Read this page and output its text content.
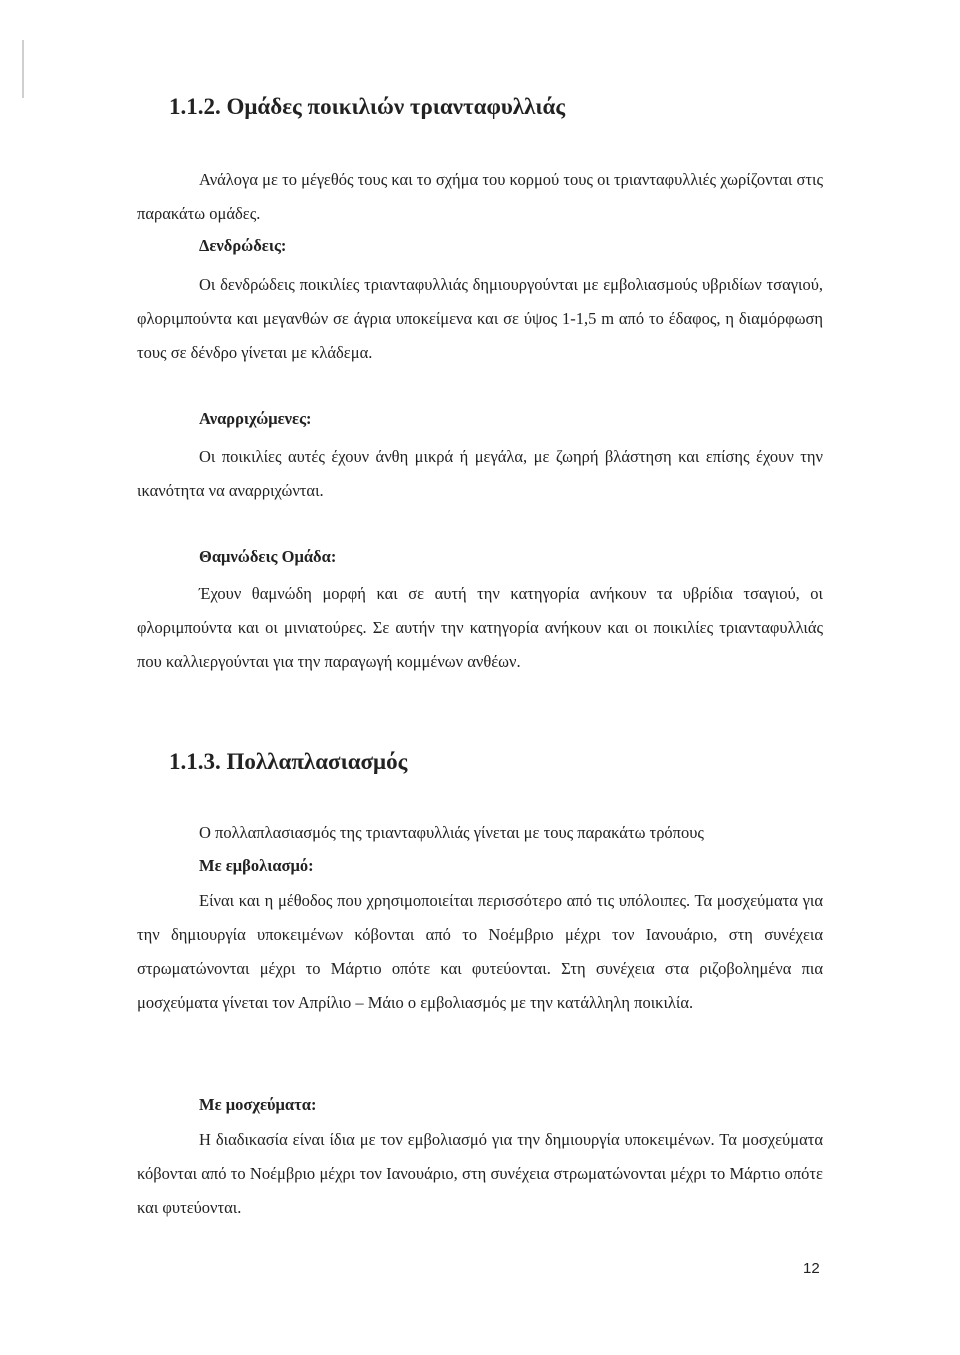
1.1.2. Ομάδες ποικιλιών τριανταφυλλιάς

Ανάλογα με το μέγεθός τους και το σχήμα του κορμού τους οι τριανταφυλλιές χωρίζονται στις παρακάτω ομάδες.

Δενδρώδεις:

Οι δενδρώδεις ποικιλίες τριανταφυλλιάς δημιουργούνται με εμβολιασμούς υβριδίων τσαγιού, φλοριμπούντα και μεγανθών σε άγρια υποκείμενα και σε ύψος 1-1,5 m από το έδαφος, η διαμόρφωση τους σε δένδρο γίνεται με κλάδεμα.

Αναρριχώμενες:

Οι ποικιλίες αυτές έχουν άνθη μικρά ή μεγάλα, με ζωηρή βλάστηση και επίσης έχουν την ικανότητα να αναρριχώνται.

Θαμνώδεις Ομάδα:

Έχουν θαμνώδη μορφή και σε αυτή την κατηγορία ανήκουν τα υβρίδια τσαγιού, οι φλοριμπούντα και οι μινιατούρες. Σε αυτήν την κατηγορία ανήκουν και οι ποικιλίες τριανταφυλλιάς που καλλιεργούνται για την παραγωγή κομμένων ανθέων.

1.1.3. Πολλαπλασιασμός

Ο πολλαπλασιασμός της τριανταφυλλιάς γίνεται με τους παρακάτω τρόπους

Με εμβολιασμό:

Είναι και η μέθοδος που χρησιμοποιείται περισσότερο από τις υπόλοιπες. Τα μοσχεύματα για την δημιουργία υποκειμένων κόβονται από το Νοέμβριο μέχρι τον Ιανουάριο, στη συνέχεια στρωματώνονται μέχρι το Μάρτιο οπότε και φυτεύονται. Στη συνέχεια στα ριζοβολημένα πια μοσχεύματα γίνεται τον Απρίλιο – Μάιο ο εμβολιασμός με την κατάλληλη ποικιλία.

Με μοσχεύματα:

Η διαδικασία είναι ίδια με τον εμβολιασμό για την δημιουργία υποκειμένων. Τα μοσχεύματα κόβονται από το Νοέμβριο μέχρι τον Ιανουάριο, στη συνέχεια στρωματώνονται μέχρι το Μάρτιο οπότε και φυτεύονται.

12
